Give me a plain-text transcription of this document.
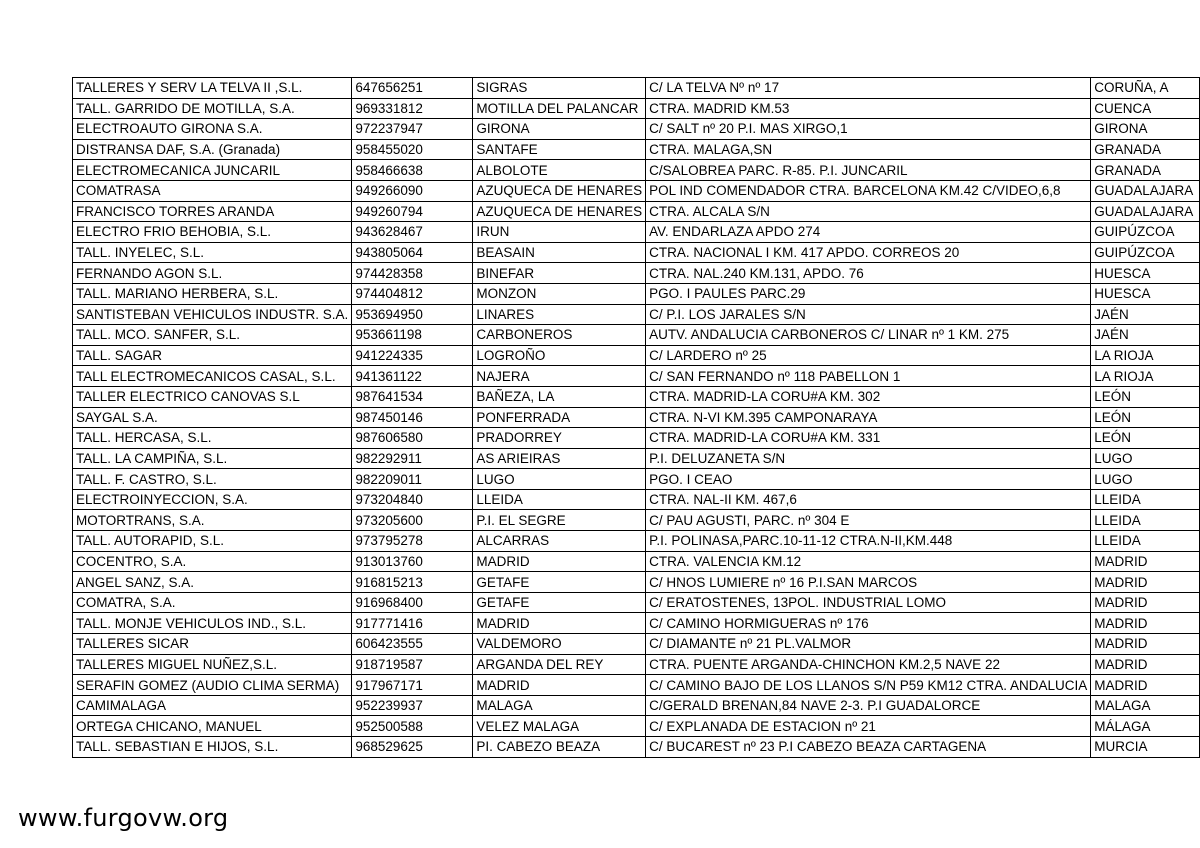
TALLERES Y SERV LA TELVA II ,S.L.	647656251	SIGRAS	C/ LA TELVA Nº nº 17	CORUÑA, A
TALL. GARRIDO DE MOTILLA, S.A.	969331812	MOTILLA DEL PALANCAR	CTRA. MADRID KM.53	CUENCA
ELECTROAUTO GIRONA S.A.	972237947	GIRONA	C/ SALT nº 20 P.I. MAS XIRGO,1	GIRONA
DISTRANSA DAF, S.A. (Granada)	958455020	SANTAFE	CTRA. MALAGA,SN	GRANADA
ELECTROMECANICA JUNCARIL	958466638	ALBOLOTE	C/SALOBREA PARC. R-85. P.I. JUNCARIL	GRANADA
COMATRASA	949266090	AZUQUECA DE HENARES	POL IND COMENDADOR CTRA. BARCELONA KM.42 C/VIDEO,6,8	GUADALAJARA
FRANCISCO TORRES ARANDA	949260794	AZUQUECA DE HENARES	CTRA. ALCALA S/N	GUADALAJARA
ELECTRO FRIO BEHOBIA, S.L.	943628467	IRUN	AV. ENDARLAZA APDO 274	GUIPÚZCOA
TALL. INYELEC, S.L.	943805064	BEASAIN	CTRA. NACIONAL I KM. 417 APDO. CORREOS 20	GUIPÚZCOA
FERNANDO AGON S.L.	974428358	BINEFAR	CTRA. NAL.240 KM.131, APDO. 76	HUESCA
TALL. MARIANO HERBERA, S.L.	974404812	MONZON	PGO. I PAULES PARC.29	HUESCA
SANTISTEBAN VEHICULOS INDUSTR. S.A.	953694950	LINARES	C/ P.I. LOS JARALES S/N	JAÉN
TALL. MCO. SANFER, S.L.	953661198	CARBONEROS	AUTV. ANDALUCIA CARBONEROS C/ LINAR nº 1 KM. 275	JAÉN
TALL. SAGAR	941224335	LOGROÑO	C/ LARDERO nº 25	LA RIOJA
TALL ELECTROMECANICOS CASAL, S.L.	941361122	NAJERA	C/ SAN FERNANDO nº 118 PABELLON 1	LA RIOJA
TALLER ELECTRICO CANOVAS S.L	987641534	BAÑEZA, LA	CTRA. MADRID-LA CORU#A KM. 302	LEÓN
SAYGAL S.A.	987450146	PONFERRADA	CTRA. N-VI KM.395 CAMPONARAYA	LEÓN
TALL. HERCASA, S.L.	987606580	PRADORREY	CTRA. MADRID-LA CORU#A KM. 331	LEÓN
TALL. LA CAMPIÑA, S.L.	982292911	AS ARIEIRAS	P.I. DELUZANETA S/N	LUGO
TALL. F. CASTRO, S.L.	982209011	LUGO	PGO. I CEAO	LUGO
ELECTROINYECCION, S.A.	973204840	LLEIDA	CTRA. NAL-II KM. 467,6	LLEIDA
MOTORTRANS, S.A.	973205600	P.I. EL SEGRE	C/ PAU AGUSTI, PARC. nº 304 E	LLEIDA
TALL. AUTORAPID, S.L.	973795278	ALCARRAS	P.I. POLINASA,PARC.10-11-12 CTRA.N-II,KM.448	LLEIDA
COCENTRO, S.A.	913013760	MADRID	CTRA. VALENCIA KM.12	MADRID
ANGEL SANZ, S.A.	916815213	GETAFE	C/ HNOS LUMIERE nº 16 P.I.SAN MARCOS	MADRID
COMATRA, S.A.	916968400	GETAFE	C/ ERATOSTENES, 13POL. INDUSTRIAL LOMO	MADRID
TALL. MONJE VEHICULOS IND., S.L.	917771416	MADRID	C/ CAMINO HORMIGUERAS nº 176	MADRID
TALLERES SICAR	606423555	VALDEMORO	C/ DIAMANTE nº 21 PL.VALMOR	MADRID
TALLERES MIGUEL NUÑEZ,S.L.	918719587	ARGANDA DEL REY	CTRA. PUENTE ARGANDA-CHINCHON KM.2,5 NAVE 22	MADRID
SERAFIN GOMEZ (AUDIO CLIMA SERMA)	917967171	MADRID	C/ CAMINO BAJO DE LOS LLANOS S/N P59 KM12 CTRA. ANDALUCIA	MADRID
CAMIMALAGA	952239937	MALAGA	C/GERALD BRENAN,84 NAVE 2-3. P.I GUADALORCE	MALAGA
ORTEGA CHICANO, MANUEL	952500588	VELEZ MALAGA	C/ EXPLANADA DE ESTACION nº 21	MÁLAGA
TALL. SEBASTIAN E HIJOS, S.L.	968529625	PI. CABEZO BEAZA	C/ BUCAREST nº 23 P.I CABEZO BEAZA CARTAGENA	MURCIA
www.furgovw.org
